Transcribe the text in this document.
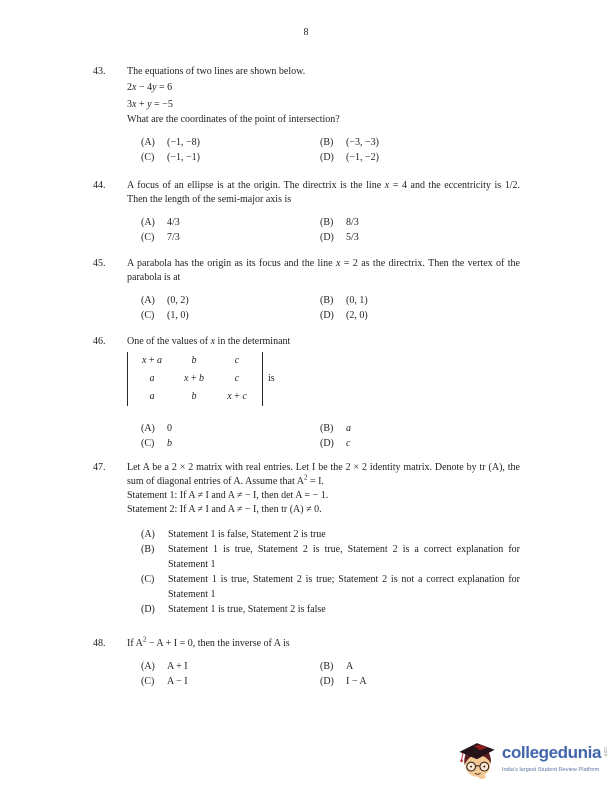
8
43.	The equations of two lines are shown below.

2x − 4y = 6
3x + y = −5

What are the coordinates of the point of intersection?

(A)	(−1, −8)	(B)	(−3, −3)
(C)	(−1, −1)	(D)	(−1, −2)
44.	A focus of an ellipse is at the origin. The directrix is the line x = 4 and the eccentricity is 1/2. Then the length of the semi-major axis is

(A)	4/3	(B)	8/3
(C)	7/3	(D)	5/3
45.	A parabola has the origin as its focus and the line x = 2 as the directrix. Then the vertex of the parabola is at

(A)	(0, 2)	(B)	(0, 1)
(C)	(1, 0)	(D)	(2, 0)
46.	One of the values of x in the determinant

x + a	b	c
a	x + b	c
a	b	x + c
is
(A)	0	(B)	a
(C)	b	(D)	c
47.	Let A be a 2 × 2 matrix with real entries. Let I be the 2 × 2 identity matrix. Denote by tr (A), the sum of diagonal entries of A. Assume that $A^2 = I$.

Statement 1: If A ≠ I and A ≠ − I, then det A = − 1.

Statement 2: If A ≠ I and A ≠ − I, then tr (A) ≠ 0.

(A)	Statement 1 is false, Statement 2 is true
(B)	Statement 1 is true, Statement 2 is true, Statement 2 is a correct explanation for Statement 1
(C)	Statement 1 is true, Statement 2 is true; Statement 2 is not a correct explanation for Statement 1
(D)	Statement 1 is true, Statement 2 is false
48.	If $A^2 - A + I = 0$, then the inverse of A is

(A)	A + I	(B)	A
(C)	A − I	(D)	I − A
collegedunia com
India's largest Student Review Platform
